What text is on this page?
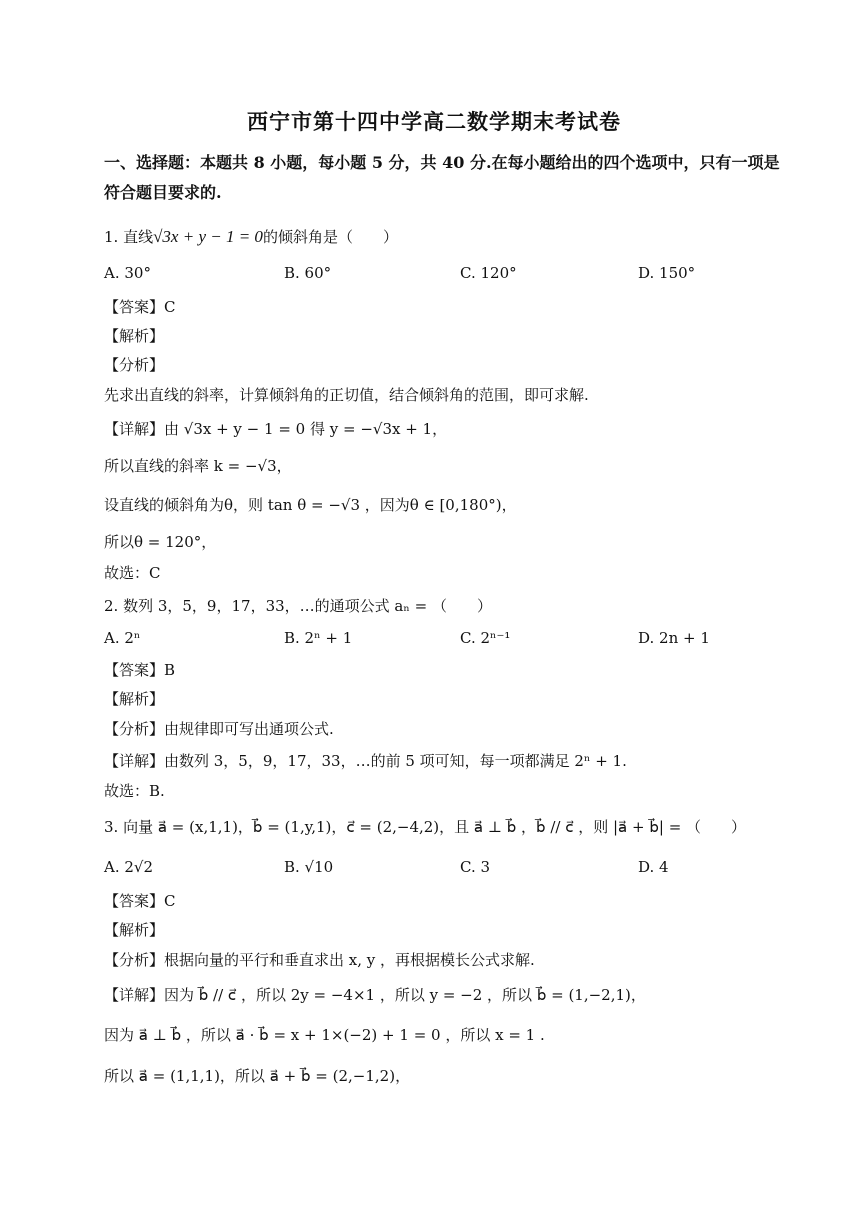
西宁市第十四中学高二数学期末考试卷
一、选择题：本题共 8 小题，每小题 5 分，共 40 分.在每小题给出的四个选项中，只有一项是符合题目要求的.
1. 直线√3x + y − 1 = 0的倾斜角是（　　）
A. 30°	B. 60°	C. 120°	D. 150°
【答案】C
【解析】
【分析】
先求出直线的斜率，计算倾斜角的正切值，结合倾斜角的范围，即可求解.
【详解】由 √3x + y − 1 = 0 得 y = −√3x + 1，
所以直线的斜率 k = −√3，
设直线的倾斜角为θ，则 tan θ = −√3 ，因为θ ∈ [0,180°)，
所以θ = 120°，
故选：C
2. 数列 3，5，9，17，33，…的通项公式 aₙ = （　　）
A. 2ⁿ	B. 2ⁿ + 1	C. 2ⁿ⁻¹	D. 2n + 1
【答案】B
【解析】
【分析】由规律即可写出通项公式.
【详解】由数列 3，5，9，17，33，…的前 5 项可知，每一项都满足 2ⁿ + 1.
故选：B.
3. 向量 a⃗ = (x,1,1)，b⃗ = (1,y,1)，c⃗ = (2,−4,2)，且 a⃗ ⊥ b⃗ ，b⃗ // c⃗ ，则 |a⃗ + b⃗| = （　　）
A. 2√2	B. √10	C. 3	D. 4
【答案】C
【解析】
【分析】根据向量的平行和垂直求出 x, y ，再根据模长公式求解.
【详解】因为 b⃗ // c⃗ ，所以 2y = −4×1 ，所以 y = −2 ，所以 b⃗ = (1,−2,1)，
因为 a⃗ ⊥ b⃗ ，所以 a⃗ · b⃗ = x + 1×(−2) + 1 = 0 ，所以 x = 1 .
所以 a⃗ = (1,1,1)，所以 a⃗ + b⃗ = (2,−1,2)，
